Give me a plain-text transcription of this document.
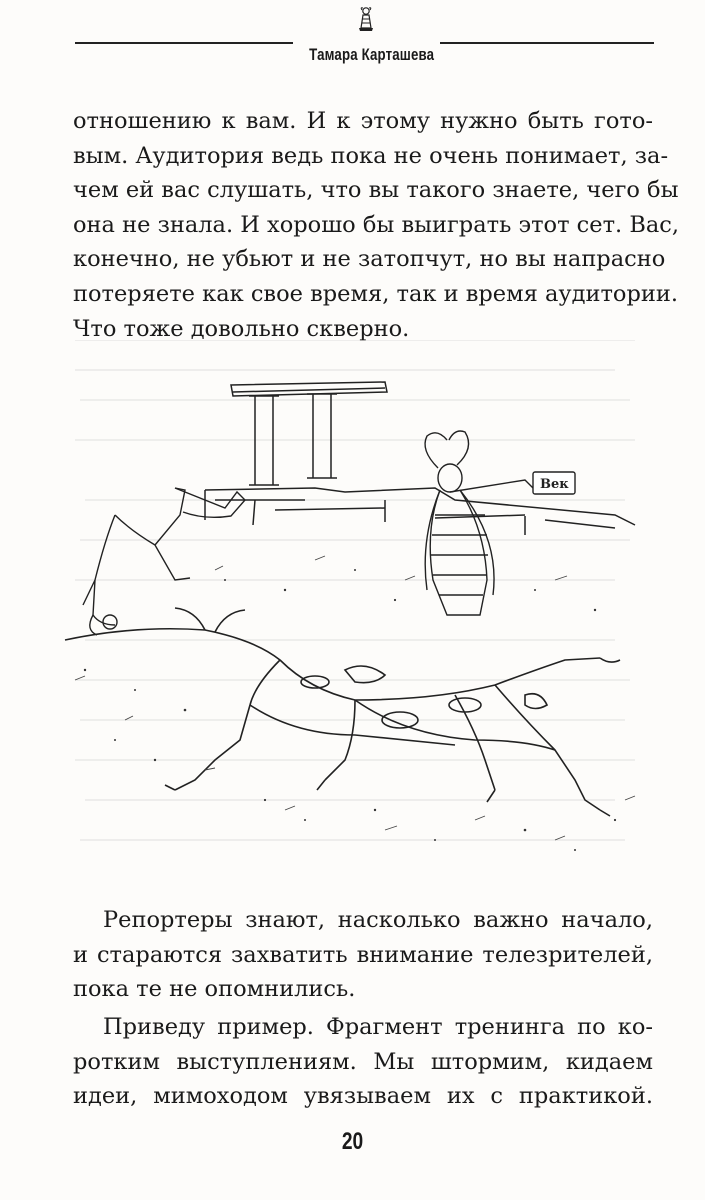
Тамара Карташева
отношению к вам. И к этому нужно быть гото-
вым. Аудитория ведь пока не очень понимает, за-
чем ей вас слушать, что вы такого знаете, чего бы
она не знала. И хорошо бы выиграть этот сет. Вас,
конечно, не убьют и не затопчут, но вы напрасно
потеряете как свое время, так и время аудитории.
Что тоже довольно скверно.
Век
Репортеры знают, насколько важно начало,
и стараются захватить внимание телезрителей,
пока те не опомнились.
Приведу пример. Фрагмент тренинга по ко-
ротким выступлениям. Мы штормим, кидаем
идеи, мимоходом увязываем их с практикой.
20
